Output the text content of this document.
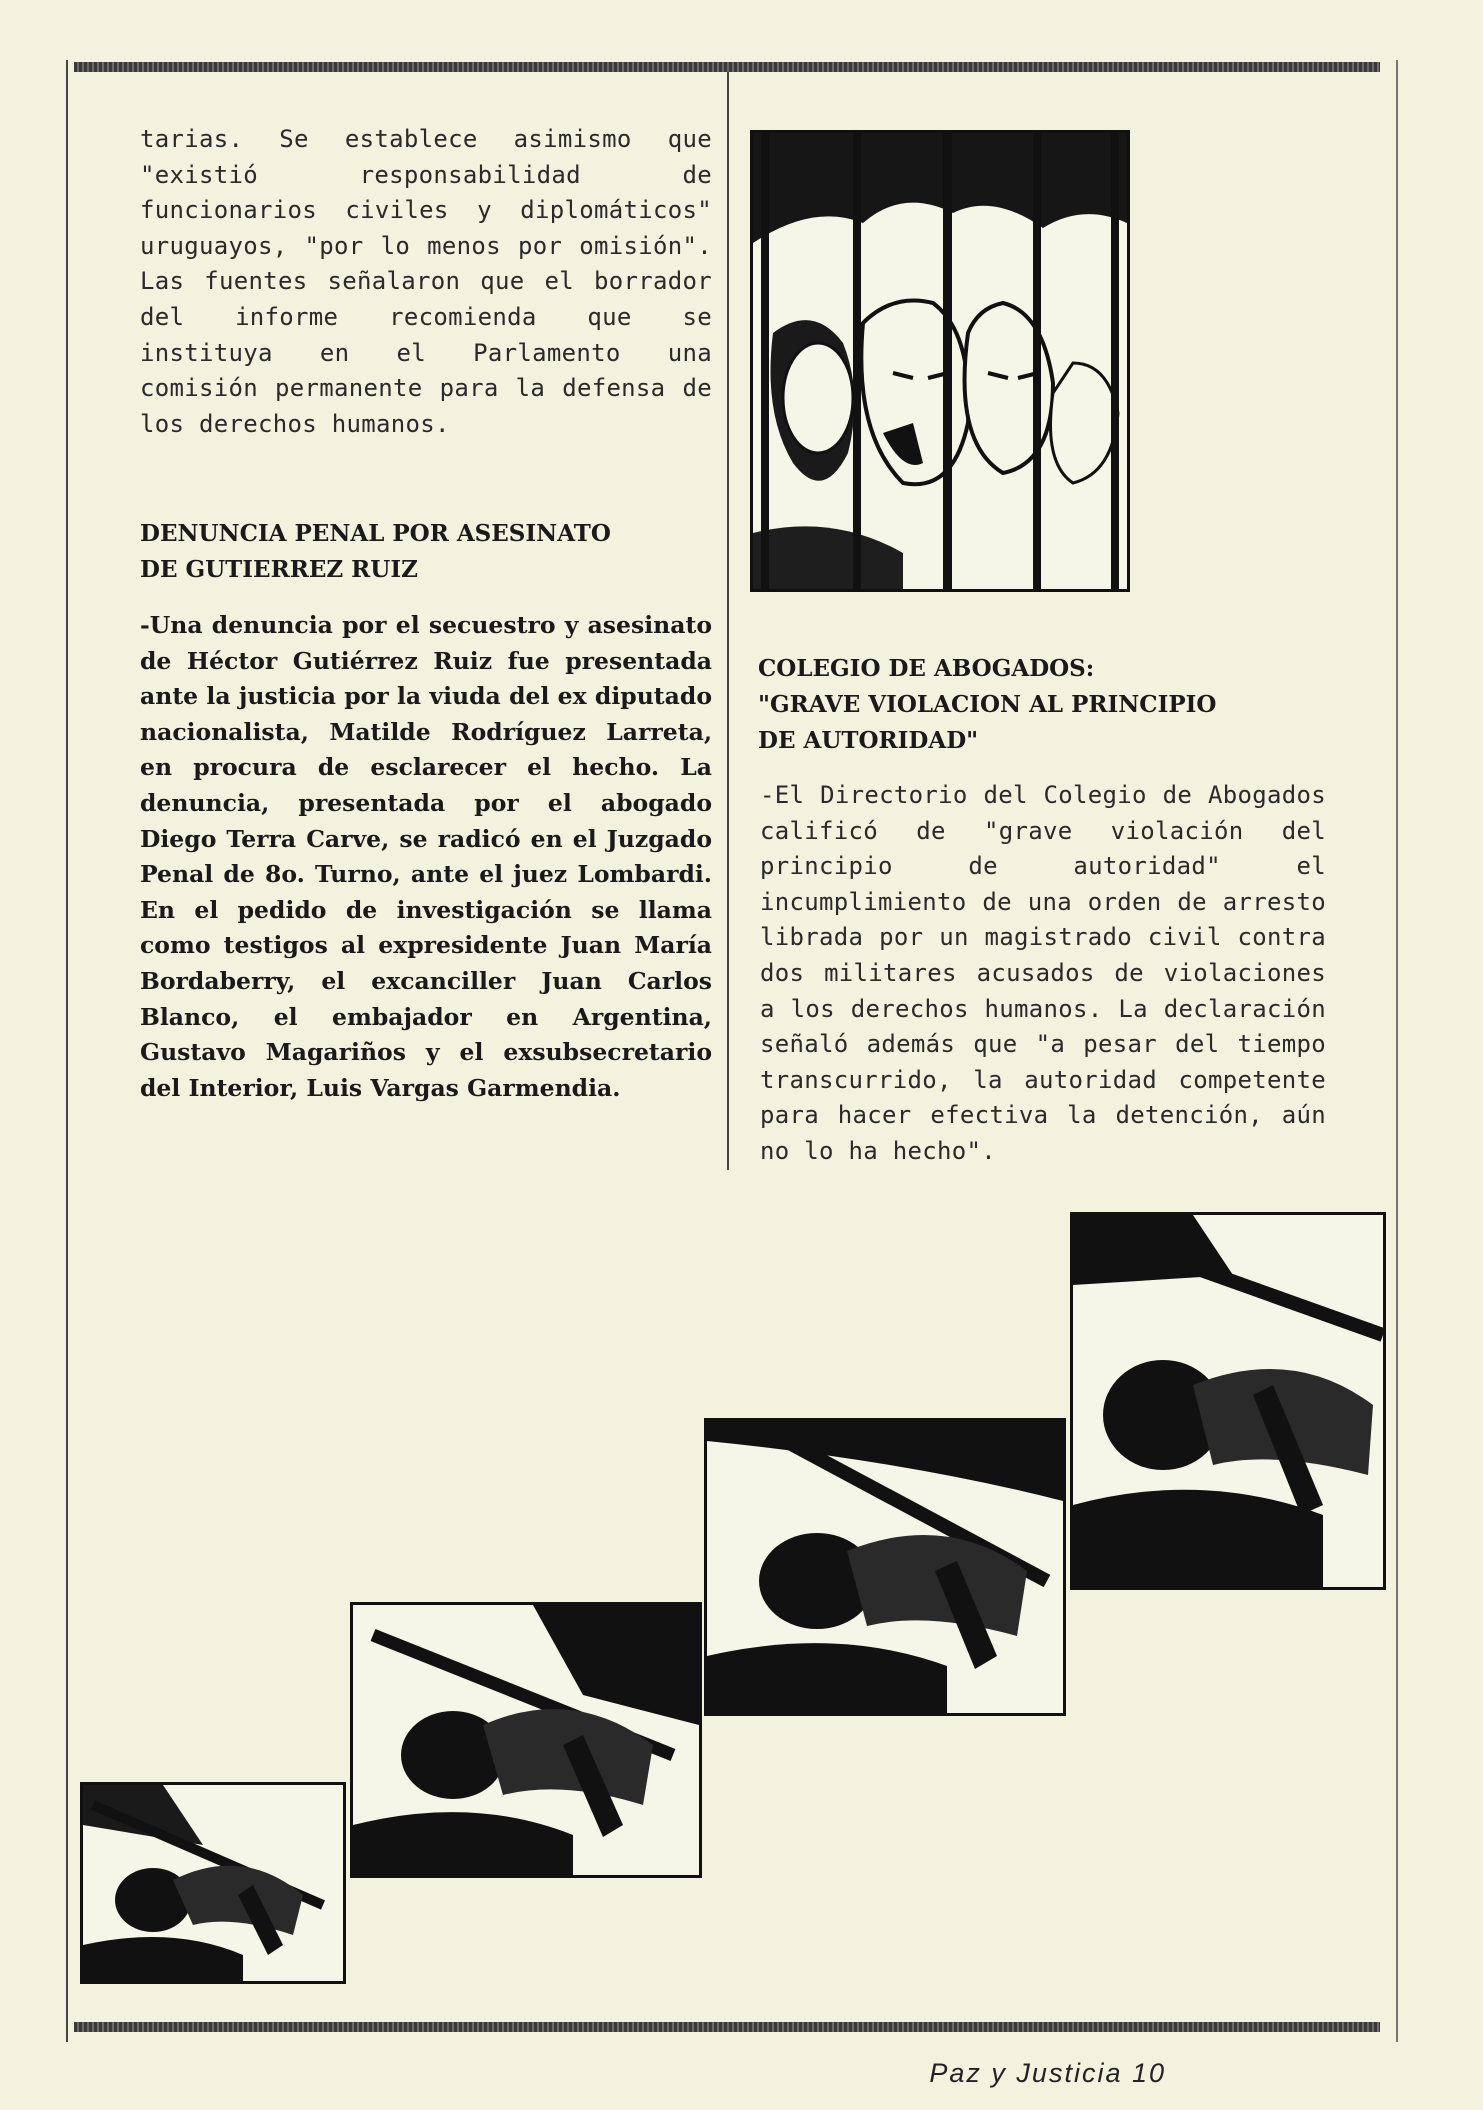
tarias. Se establece asimismo que "existió responsabilidad de funcionarios civiles y diplomáticos" uruguayos, "por lo menos por omisión". Las fuentes señalaron que el borrador del informe recomienda que se instituya en el Parlamento una comisión permanente para la defensa de los derechos humanos.
DENUNCIA PENAL POR ASESINATO
DE GUTIERREZ RUIZ
-Una denuncia por el secuestro y asesinato de Héctor Gutiérrez Ruiz fue presentada ante la justicia por la viuda del ex diputado nacionalista, Matilde Rodríguez Larreta, en procura de esclarecer el hecho. La denuncia, presentada por el abogado Diego Terra Carve, se radicó en el Juzgado Penal de 8o. Turno, ante el juez Lombardi. En el pedido de investigación se llama como testigos al expresidente Juan María Bordaberry, el excanciller Juan Carlos Blanco, el embajador en Argentina, Gustavo Magariños y el exsubsecretario del Interior, Luis Vargas Garmendia.
COLEGIO DE ABOGADOS:
"GRAVE VIOLACION AL PRINCIPIO
DE AUTORIDAD"
-El Directorio del Colegio de Abogados calificó de "grave violación del principio de autoridad" el incumplimiento de una orden de arresto librada por un magistrado civil contra dos militares acusados de violaciones a los derechos humanos. La declaración señaló además que "a pesar del tiempo transcurrido, la autoridad competente para hacer efectiva la detención, aún no lo ha hecho".
Paz y Justicia 10
